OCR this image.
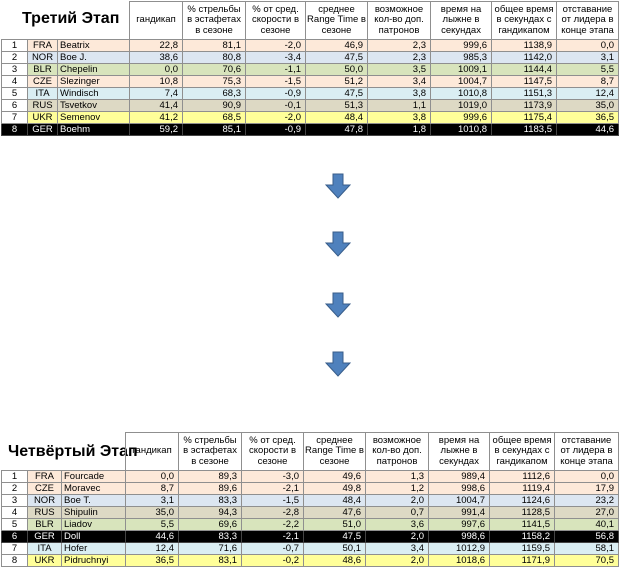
Третий Этап
			гандикап	% стрельбы в эстафетах в сезоне	% от сред. скорости в сезоне	среднее Range Time в сезоне	возможное кол-во доп. патронов	время на лыжне в секундах	общее время в секундах с гандикапом	отставание от лидера в конце этапа
1	FRA	Beatrix	22,8	81,1	-2,0	46,9	2,3	999,6	1138,9	0,0
2	NOR	Boe J.	38,6	80,8	-3,4	47,5	2,3	985,3	1142,0	3,1
3	BLR	Chepelin	0,0	70,6	-1,1	50,0	3,5	1009,1	1144,4	5,5
4	CZE	Slezinger	10,8	75,3	-1,5	51,2	3,4	1004,7	1147,5	8,7
5	ITA	Windisch	7,4	68,3	-0,9	47,5	3,8	1010,8	1151,3	12,4
6	RUS	Tsvetkov	41,4	90,9	-0,1	51,3	1,1	1019,0	1173,9	35,0
7	UKR	Semenov	41,2	68,5	-2,0	48,4	3,8	999,6	1175,4	36,5
8	GER	Boehm	59,2	85,1	-0,9	47,8	1,8	1010,8	1183,5	44,6
Четвёртый Этап
			гандикап	% стрельбы в эстафетах в сезоне	% от сред. скорости в сезоне	среднее Range Time в сезоне	возможное кол-во доп. патронов	время на лыжне в секундах	общее время в секундах с гандикапом	отставание от лидера в конце этапа
1	FRA	Fourcade	0,0	89,3	-3,0	49,6	1,3	989,4	1112,6	0,0
2	CZE	Moravec	8,7	89,6	-2,1	49,8	1,2	998,6	1119,4	17,9
3	NOR	Boe T.	3,1	83,3	-1,5	48,4	2,0	1004,7	1124,6	23,2
4	RUS	Shipulin	35,0	94,3	-2,8	47,6	0,7	991,4	1128,5	27,0
5	BLR	Liadov	5,5	69,6	-2,2	51,0	3,6	997,6	1141,5	40,1
6	GER	Doll	44,6	83,3	-2,1	47,5	2,0	998,6	1158,2	56,8
7	ITA	Hofer	12,4	71,6	-0,7	50,1	3,4	1012,9	1159,5	58,1
8	UKR	Pidruchnyi	36,5	83,1	-0,2	48,6	2,0	1018,6	1171,9	70,5
